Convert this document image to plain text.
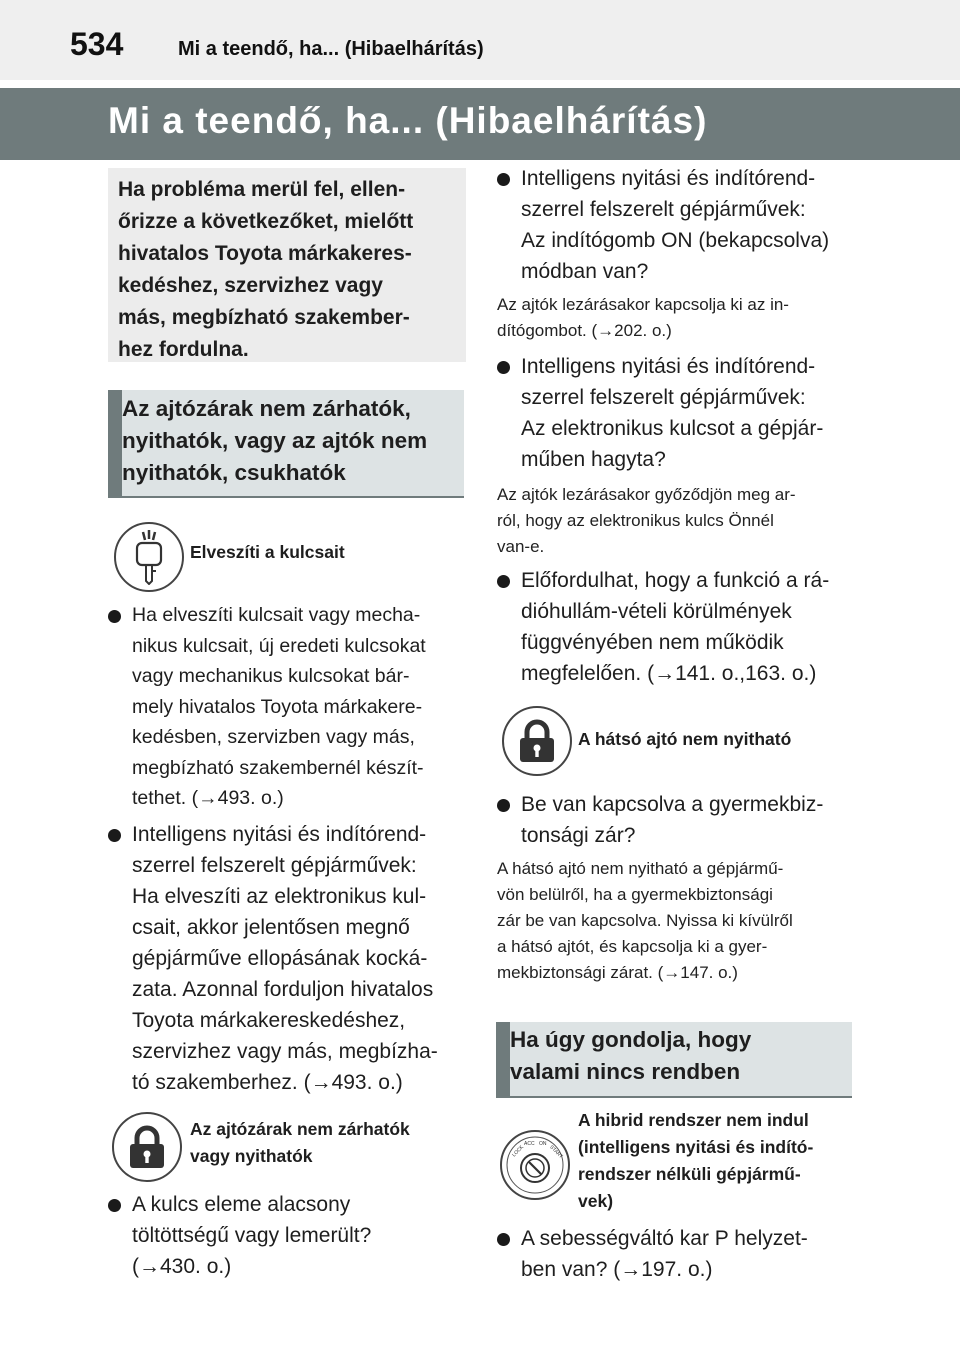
534	Mi a teendő, ha... (Hibaelhárítás)
Mi a teendő, ha... (Hibaelhárítás)
Ha probléma merül fel, ellen-
őrizze a következőket, mielőtt
hivatalos Toyota márkakeres-
kedéshez, szervizhez vagy
más, megbízható szakember-
hez fordulna.
Az ajtózárak nem zárhatók,
nyithatók, vagy az ajtók nem
nyithatók, csukhatók
Elveszíti a kulcsait
Ha elveszíti kulcsait vagy mecha-
nikus kulcsait, új eredeti kulcsokat
vagy mechanikus kulcsokat bár-
mely hivatalos Toyota márkakere-
kedésben, szervizben vagy más,
megbízható szakembernél készít-
tethet. (→493. o.)
Intelligens nyitási és indítórend-
szerrel felszerelt gépjárművek:
Ha elveszíti az elektronikus kul-
csait, akkor jelentősen megnő
gépjárműve ellopásának kocká-
zata. Azonnal forduljon hivatalos
Toyota márkakereskedéshez,
szervizhez vagy más, megbízha-
tó szakemberhez. (→493. o.)
Az ajtózárak nem zárhatók
vagy nyithatók
A kulcs eleme alacsony
töltöttségű vagy lemerült?
(→430. o.)
Intelligens nyitási és indítórend-
szerrel felszerelt gépjárművek:
Az indítógomb ON (bekapcsolva)
módban van?
Az ajtók lezárásakor kapcsolja ki az in-
dítógombot. (→202. o.)
Intelligens nyitási és indítórend-
szerrel felszerelt gépjárművek:
Az elektronikus kulcsot a gépjár-
műben hagyta?
Az ajtók lezárásakor győződjön meg ar-
ról, hogy az elektronikus kulcs Önnél
van-e.
Előfordulhat, hogy a funkció a rá-
dióhullám-vételi körülmények
függvényében nem működik
megfelelően. (→141. o.,163. o.)
A hátsó ajtó nem nyitható
Be van kapcsolva a gyermekbiz-
tonsági zár?
A hátsó ajtó nem nyitható a gépjármű-
vön belülről, ha a gyermekbiztonsági
zár be van kapcsolva. Nyissa ki kívülről
a hátsó ajtót, és kapcsolja ki a gyer-
mekbiztonsági zárat. (→147. o.)
Ha úgy gondolja, hogy
valami nincs rendben
LOCK
ACC ON
START
A hibrid rendszer nem indul
(intelligens nyitási és indító-
rendszer nélküli gépjármű-
vek)
A sebességváltó kar P helyzet-
ben van? (→197. o.)
